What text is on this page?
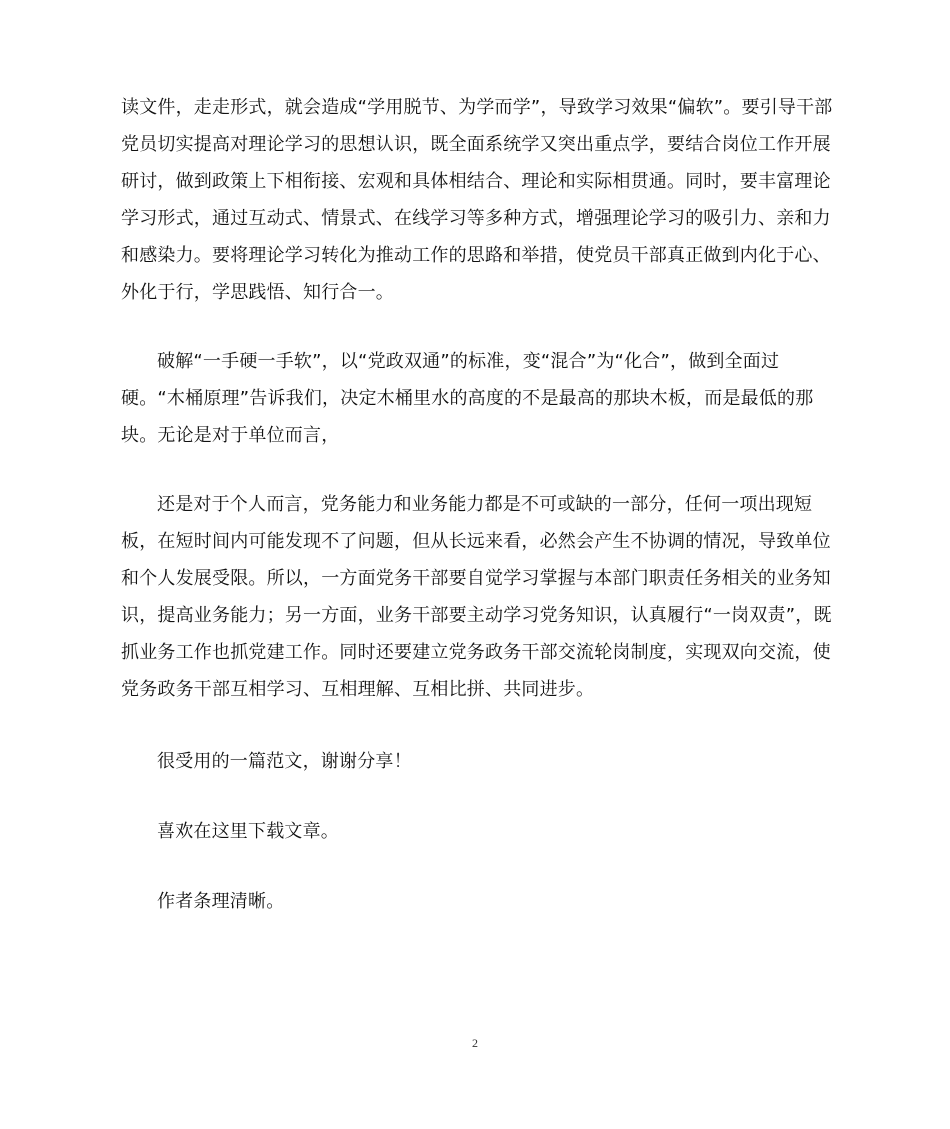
读文件，走走形式，就会造成“学用脱节、为学而学”，导致学习效果“偏软”。要引导干部党员切实提高对理论学习的思想认识，既全面系统学又突出重点学，要结合岗位工作开展研讨，做到政策上下相衔接、宏观和具体相结合、理论和实际相贯通。同时，要丰富理论学习形式，通过互动式、情景式、在线学习等多种方式，增强理论学习的吸引力、亲和力和感染力。要将理论学习转化为推动工作的思路和举措，使党员干部真正做到内化于心、外化于行，学思践悟、知行合一。

破解“一手硬一手软”，以“党政双通”的标准，变“混合”为“化合”，做到全面过硬。“木桶原理”告诉我们，决定木桶里水的高度的不是最高的那块木板，而是最低的那块。无论是对于单位而言，

还是对于个人而言，党务能力和业务能力都是不可或缺的一部分，任何一项出现短板，在短时间内可能发现不了问题，但从长远来看，必然会产生不协调的情况，导致单位和个人发展受限。所以，一方面党务干部要自觉学习掌握与本部门职责任务相关的业务知识，提高业务能力；另一方面，业务干部要主动学习党务知识，认真履行“一岗双责”，既抓业务工作也抓党建工作。同时还要建立党务政务干部交流轮岗制度，实现双向交流，使党务政务干部互相学习、互相理解、互相比拼、共同进步。

很受用的一篇范文，谢谢分享！

喜欢在这里下载文章。

作者条理清晰。

2
